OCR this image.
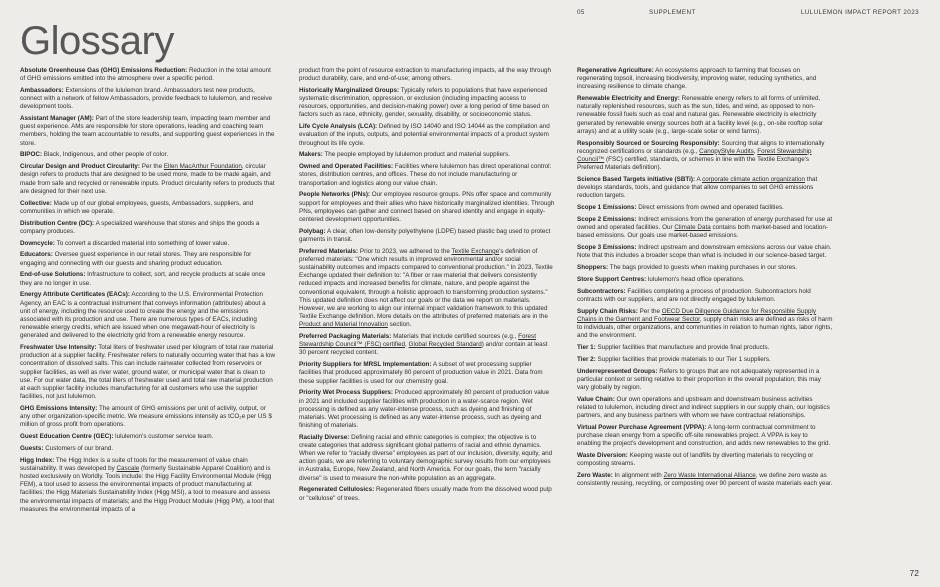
05	SUPPLEMENT	LULULEMON IMPACT REPORT 2023
Glossary

Absolute Greenhouse Gas (GHG) Emissions Reduction: Reduction in the total amount of GHG emissions emitted into the atmosphere over a specific period.

Ambassadors: Extensions of the lululemon brand. Ambassadors test new products, connect with a network of fellow Ambassadors, provide feedback to lululemon, and receive development tools.

Assistant Manager (AM): Part of the store leadership team, impacting team member and guest experience. AMs are responsible for store operations, leading and coaching team members, holding the team accountable to results, and supporting guest experiences in the store.

BIPOC: Black, Indigenous, and other people of color.

Circular Design and Product Circularity: Per the Ellen MacArthur Foundation, circular design refers to products that are designed to be used more, made to be made again, and made from safe and recycled or renewable inputs. Product circularity refers to products that are designed for their next use.

Collective: Made up of our global employees, guests, Ambassadors, suppliers, and communities in which we operate.

Distribution Centre (DC): A specialized warehouse that stores and ships the goods a company produces.

Downcycle: To convert a discarded material into something of lower value.

Educators: Oversee guest experience in our retail stores. They are responsible for engaging and connecting with our guests and sharing product education.

End-of-use Solutions: Infrastructure to collect, sort, and recycle products at scale once they are no longer in use.

Energy Attribute Certificates (EACs): According to the U.S. Environmental Protection Agency, an EAC is a contractual instrument that conveys information (attributes) about a unit of energy, including the resource used to create the energy and the emissions associated with its production and use. There are numerous types of EACs, including renewable energy credits, which are issued when one megawatt-hour of electricity is generated and delivered to the electricity grid from a renewable energy resource.

Freshwater Use Intensity: Total liters of freshwater used per kilogram of total raw material production at a supplier facility. Freshwater refers to naturally occurring water that has a low concentration of dissolved salts. This can include rainwater collected from reservoirs or supplier facilities, as well as river water, ground water, or municipal water that is clean to use. For our water data, the total liters of freshwater used and total raw material production at each supplier facility includes manufacturing for all customers who use the supplier facilities, not just lululemon.

GHG Emissions Intensity: The amount of GHG emissions per unit of activity, output, or any other organization-specific metric. We measure emissions intensity as tCO₂e per US $ million of gross profit from operations.

Guest Education Centre (GEC): lululemon's customer service team.

Guests: Customers of our brand.

Higg Index: The Higg Index is a suite of tools for the measurement of value chain sustainability. It was developed by Cascale (formerly Sustainable Apparel Coalition) and is hosted exclusively on Worldly. Tools include: the Higg Facility Environmental Module (Higg FEM), a tool used to assess the environmental impacts of product manufacturing at facilities; the Higg Materials Sustainability Index (Higg MSI), a tool to measure and assess the environmental impacts of materials; and the Higg Product Module (Higg PM), a tool that measures the environmental impacts of a

product from the point of resource extraction to manufacturing impacts, all the way through product durability, care, and end-of-use; among others.

Historically Marginalized Groups: Typically refers to populations that have experienced systematic discrimination, oppression, or exclusion (including impacting access to resources, opportunities, and decision-making power) over a long period of time based on factors such as race, ethnicity, gender, sexuality, disability, or socioeconomic status.

Life Cycle Analysis (LCA): Defined by ISO 14040 and ISO 14044 as the compilation and evaluation of the inputs, outputs, and potential environmental impacts of a product system throughout its life cycle.

Makers: The people employed by lululemon product and material suppliers.

Owned and Operated Facilities: Facilities where lululemon has direct operational control: stores, distribution centres, and offices. These do not include manufacturing or transportation and logistics along our value chain.

People Networks (PNs): Our employee resource groups. PNs offer space and community support for employees and their allies who have historically marginalized identities. Through PNs, employees can gather and connect based on shared identity and engage in equity-centered development opportunities.

Polybag: A clear, often low-density polyethylene (LDPE) based plastic bag used to protect garments in transit.

Preferred Materials: Prior to 2023, we adhered to the Textile Exchange's definition of preferred materials: "One which results in improved environmental and/or social sustainability outcomes and impacts compared to conventional production." In 2023, Textile Exchange updated their definition to: "A fiber or raw material that delivers consistently reduced impacts and increased benefits for climate, nature, and people against the conventional equivalent, through a holistic approach to transforming production systems." This updated definition does not affect our goals or the data we report on materials. However, we are working to align our internal impact validation framework to this updated Textile Exchange definition. More details on the attributes of preferred materials are in the Product and Material Innovation section.

Preferred Packaging Materials: Materials that include certified sources (e.g., Forest Stewardship Council™ (FSC) certified, Global Recycled Standard) and/or contain at least 30 percent recycled content.

Priority Suppliers for MRSL Implementation: A subset of wet processing supplier facilities that produced approximately 80 percent of production value in 2021. Data from these supplier facilities is used for our chemistry goal.

Priority Wet Process Suppliers: Produced approximately 80 percent of production value in 2021 and included supplier facilities with production in a water-scarce region. Wet processing is defined as any water-intense process, such as dyeing and finishing of materials. Wet processing is defined as any water-intense process, such as dyeing and finishing of materials.

Racially Diverse: Defining racial and ethnic categories is complex; the objective is to create categories that address significant global patterns of racial and ethnic dynamics. When we refer to "racially diverse" employees as part of our inclusion, diversity, equity, and action goals, we are referring to voluntary demographic survey results from our employees in Australia, Europe, New Zealand, and North America. For our goals, the term "racially diverse" is used to measure the non-white population as an aggregate.

Regenerated Cellulosics: Regenerated fibers usually made from the dissolved wood pulp or "cellulose" of trees.

Regenerative Agriculture: An ecosystems approach to farming that focuses on regenerating topsoil, increasing biodiversity, improving water, reducing synthetics, and increasing resilience to climate change.

Renewable Electricity and Energy: Renewable energy refers to all forms of unlimited, naturally replenished resources, such as the sun, tides, and wind, as opposed to non-renewable fossil fuels such as coal and natural gas. Renewable electricity is electricity generated by renewable energy sources both at a facility level (e.g., on-site rooftop solar arrays) and at a utility scale (e.g., large-scale solar or wind farms).

Responsibly Sourced or Sourcing Responsibly: Sourcing that aligns to internationally recognized certifications or standards (e.g., CanopyStyle Audits, Forest Stewardship Council™ (FSC) certified, standards, or schemes in line with the Textile Exchange's Preferred Materials definition).

Science Based Targets initiative (SBTi): A corporate climate action organization that develops standards, tools, and guidance that allow companies to set GHG emissions reduction targets.

Scope 1 Emissions: Direct emissions from owned and operated facilities.

Scope 2 Emissions: Indirect emissions from the generation of energy purchased for use at owned and operated facilities. Our Climate Data contains both market-based and location-based emissions. Our goals use market-based emissions.

Scope 3 Emissions: Indirect upstream and downstream emissions across our value chain. Note that this includes a broader scope than what is included in our science-based target.

Shoppers: The bags provided to guests when making purchases in our stores.

Store Support Centres: lululemon's head office operations.

Subcontractors: Facilities completing a process of production. Subcontractors hold contracts with our suppliers, and are not directly engaged by lululemon.

Supply Chain Risks: Per the OECD Due Diligence Guidance for Responsible Supply Chains in the Garment and Footwear Sector, supply chain risks are defined as risks of harm to individuals, other organizations, and communities in relation to human rights, labor rights, and the environment.

Tier 1: Supplier facilities that manufacture and provide final products.

Tier 2: Supplier facilities that provide materials to our Tier 1 suppliers.

Underrepresented Groups: Refers to groups that are not adequately represented in a particular context or setting relative to their proportion in the overall population; this may vary globally by region.

Value Chain: Our own operations and upstream and downstream business activities related to lululemon, including direct and indirect suppliers in our supply chain, our logistics partners, and any business partners with whom we have contractual relationships.

Virtual Power Purchase Agreement (VPPA): A long-term contractual commitment to purchase clean energy from a specific off-site renewables project. A VPPA is key to enabling the project's development and construction, and adds new renewables to the grid.

Waste Diversion: Keeping waste out of landfills by diverting materials to recycling or composting streams.

Zero Waste: In alignment with Zero Waste International Alliance, we define zero waste as consistently reusing, recycling, or composting over 90 percent of waste materials each year.

72
